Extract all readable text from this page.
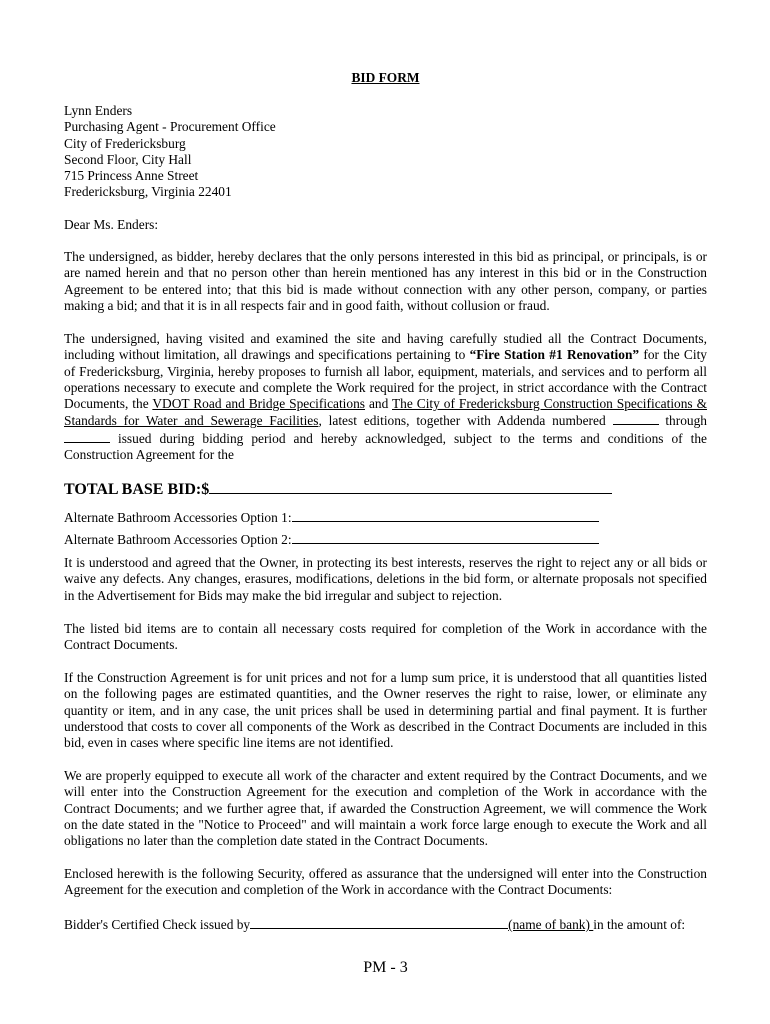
BID FORM
Lynn Enders
Purchasing Agent - Procurement Office
City of Fredericksburg
Second Floor, City Hall
715 Princess Anne Street
Fredericksburg, Virginia 22401
Dear Ms. Enders:
The undersigned, as bidder, hereby declares that the only persons interested in this bid as principal, or principals, is or are named herein and that no person other than herein mentioned has any interest in this bid or in the Construction Agreement to be entered into; that this bid is made without connection with any other person, company, or parties making a bid; and that it is in all respects fair and in good faith, without collusion or fraud.
The undersigned, having visited and examined the site and having carefully studied all the Contract Documents, including without limitation, all drawings and specifications pertaining to “Fire Station #1 Renovation” for the City of Fredericksburg, Virginia, hereby proposes to furnish all labor, equipment, materials, and services and to perform all operations necessary to execute and complete the Work required for the project, in strict accordance with the Contract Documents, the VDOT Road and Bridge Specifications and The City of Fredericksburg Construction Specifications & Standards for Water and Sewerage Facilities, latest editions, together with Addenda numbered	through  issued during bidding period and hereby acknowledged, subject to the terms and conditions of the Construction Agreement for the
TOTAL BASE BID:$
Alternate Bathroom Accessories Option 1:
Alternate Bathroom Accessories Option 2:
It is understood and agreed that the Owner, in protecting its best interests, reserves the right to reject any or all bids or waive any defects. Any changes, erasures, modifications, deletions in the bid form, or alternate proposals not specified in the Advertisement for Bids may make the bid irregular and subject to rejection.
The listed bid items are to contain all necessary costs required for completion of the Work in accordance with the Contract Documents.
If the Construction Agreement is for unit prices and not for a lump sum price, it is understood that all quantities listed on the following pages are estimated quantities, and the Owner reserves the right to raise, lower, or eliminate any quantity or item, and in any case, the unit prices shall be used in determining partial and final payment. It is further understood that costs to cover all components of the Work as described in the Contract Documents are included in this bid, even in cases where specific line items are not identified.
We are properly equipped to execute all work of the character and extent required by the Contract Documents, and we will enter into the Construction Agreement for the execution and completion of the Work in accordance with the Contract Documents; and we further agree that, if awarded the Construction Agreement, we will commence the Work on the date stated in the "Notice to Proceed" and will maintain a work force large enough to execute the Work and all obligations no later than the completion date stated in the Contract Documents.
Enclosed herewith is the following Security, offered as assurance that the undersigned will enter into the Construction Agreement for the execution and completion of the Work in accordance with the Contract Documents:
Bidder's Certified Check issued by	(name of bank) in the amount of:
PM - 3
